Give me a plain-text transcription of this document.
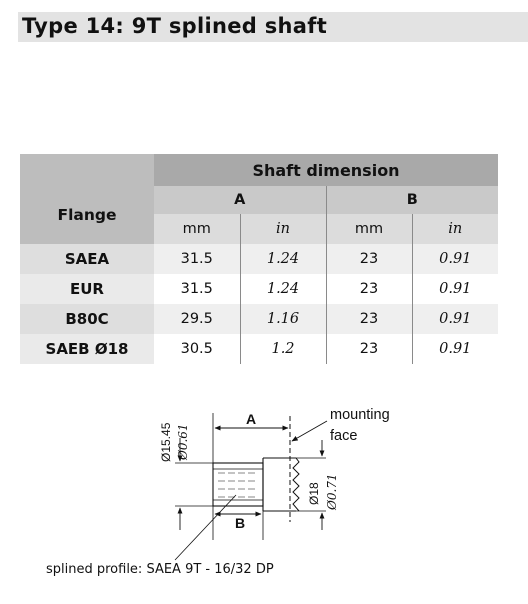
Type 14: 9T splined shaft
	Shaft dimension			
Flange	A		B	
	mm	in	mm	in
SAEA	31.5	1.24	23	0.91
EUR	31.5	1.24	23	0.91
B80C	29.5	1.16	23	0.91
SAEB Ø18	30.5	1.2	23	0.91
A
B
Ø15.45 Ø0.61
Ø18 Ø0.71
mounting
face
splined profile: SAEA 9T - 16/32 DP
